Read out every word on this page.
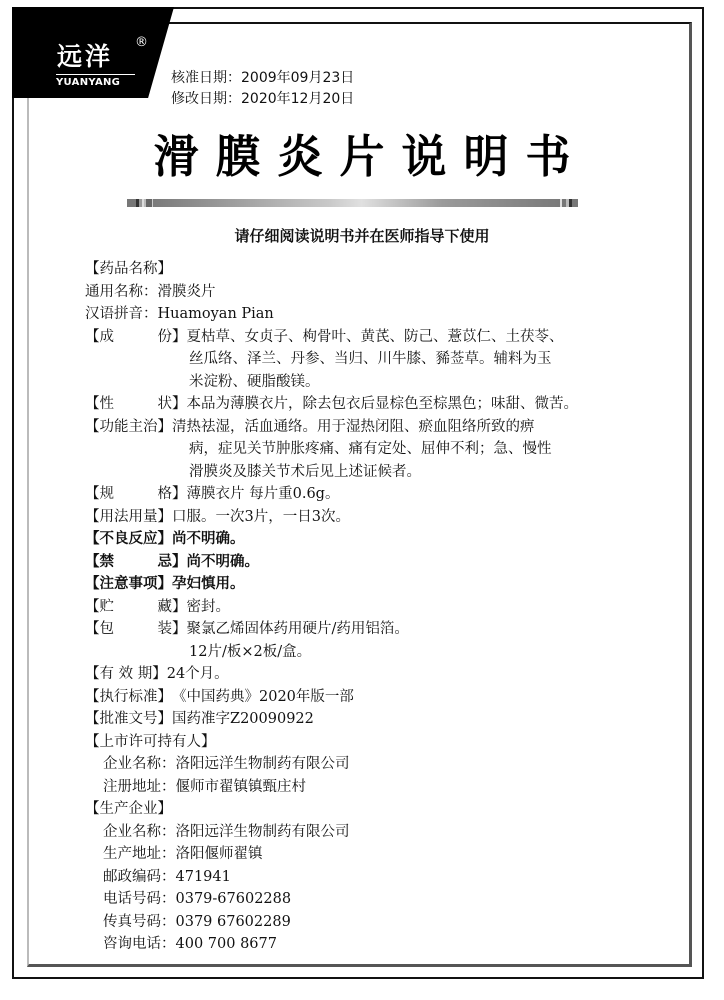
远洋 ®
YUANYANG	核准日期：2009年09月23日
修改日期：2020年12月20日
滑膜炎片说明书
请仔细阅读说明书并在医师指导下使用
【药品名称】
通用名称： 滑膜炎片
汉语拼音： Huamoyan Pian
【成　　　份】 夏枯草、女贞子、枸骨叶、黄芪、防己、薏苡仁、土茯苓、
丝瓜络、泽兰、丹参、当归、川牛膝、豨莶草。辅料为玉
米淀粉、硬脂酸镁。
【性　　　状】 本品为薄膜衣片，除去包衣后显棕色至棕黑色；味甜、微苦。
【功能主治】 清热祛湿，活血通络。用于湿热闭阻、瘀血阻络所致的痹
病，症见关节肿胀疼痛、痛有定处、屈伸不利；急、慢性
滑膜炎及膝关节术后见上述证候者。
【规　　　格】 薄膜衣片 每片重0.6g。
【用法用量】 口服。一次3片，一日3次。
【不良反应】 尚不明确。
【禁　　　忌】 尚不明确。
【注意事项】 孕妇慎用。
【贮　　　藏】 密封。
【包　　　装】 聚氯乙烯固体药用硬片/药用铝箔。
12片/板×2板/盒。
【有 效 期】 24个月。
【执行标准】 《中国药典》2020年版一部
【批准文号】 国药准字Z20090922
【上市许可持有人】
企业名称： 洛阳远洋生物制药有限公司
注册地址： 偃师市翟镇镇甄庄村
【生产企业】
企业名称： 洛阳远洋生物制药有限公司
生产地址： 洛阳偃师翟镇
邮政编码： 471941
电话号码： 0379-67602288
传真号码： 0379 67602289
咨询电话： 400 700 8677
